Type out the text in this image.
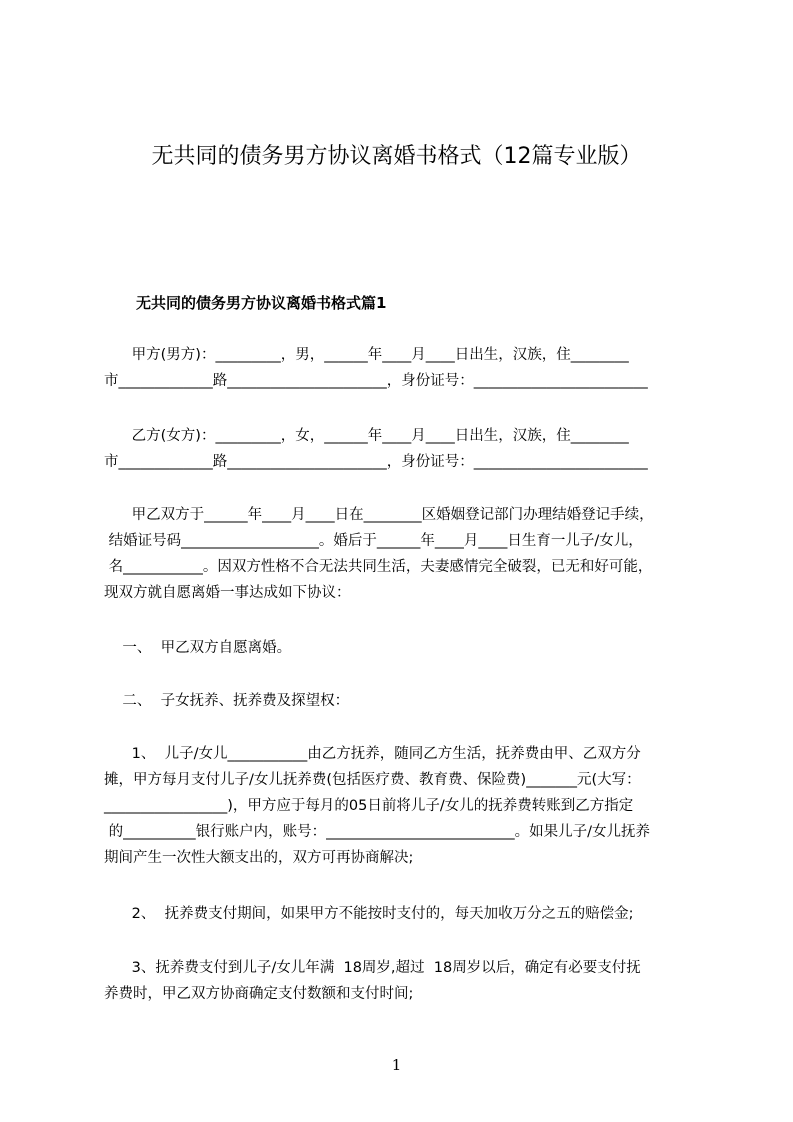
无共同的债务男方协议离婚书格式（12篇专业版）
无共同的债务男方协议离婚书格式篇1
甲方(男方)：_________，男，______年____月____日出生，汉族，住________
市_____________路______________________，身份证号：________________________
乙方(女方)：_________，女，______年____月____日出生，汉族，住________
市_____________路______________________，身份证号：________________________
甲乙双方于______年____月____日在________区婚姻登记部门办理结婚登记手续，
结婚证号码___________________。婚后于______年____月____日生育一儿子/女儿，
名___________。因双方性格不合无法共同生活，夫妻感情完全破裂，已无和好可能，
现双方就自愿离婚一事达成如下协议：
一、  甲乙双方自愿离婚。
二、  子女抚养、抚养费及探望权：
1、  儿子/女儿___________由乙方抚养，随同乙方生活，抚养费由甲、乙双方分
摊，甲方每月支付儿子/女儿抚养费(包括医疗费、教育费、保险费)_______元(大写：
_________________)，甲方应于每月的05日前将儿子/女儿的抚养费转账到乙方指定
的__________银行账户内，账号：__________________________。如果儿子/女儿抚养
期间产生一次性大额支出的，双方可再协商解决;
2、  抚养费支付期间，如果甲方不能按时支付的，每天加收万分之五的赔偿金;
3、抚养费支付到儿子/女儿年满  18周岁,超过  18周岁以后，确定有必要支付抚
养费时，甲乙双方协商确定支付数额和支付时间;
1
